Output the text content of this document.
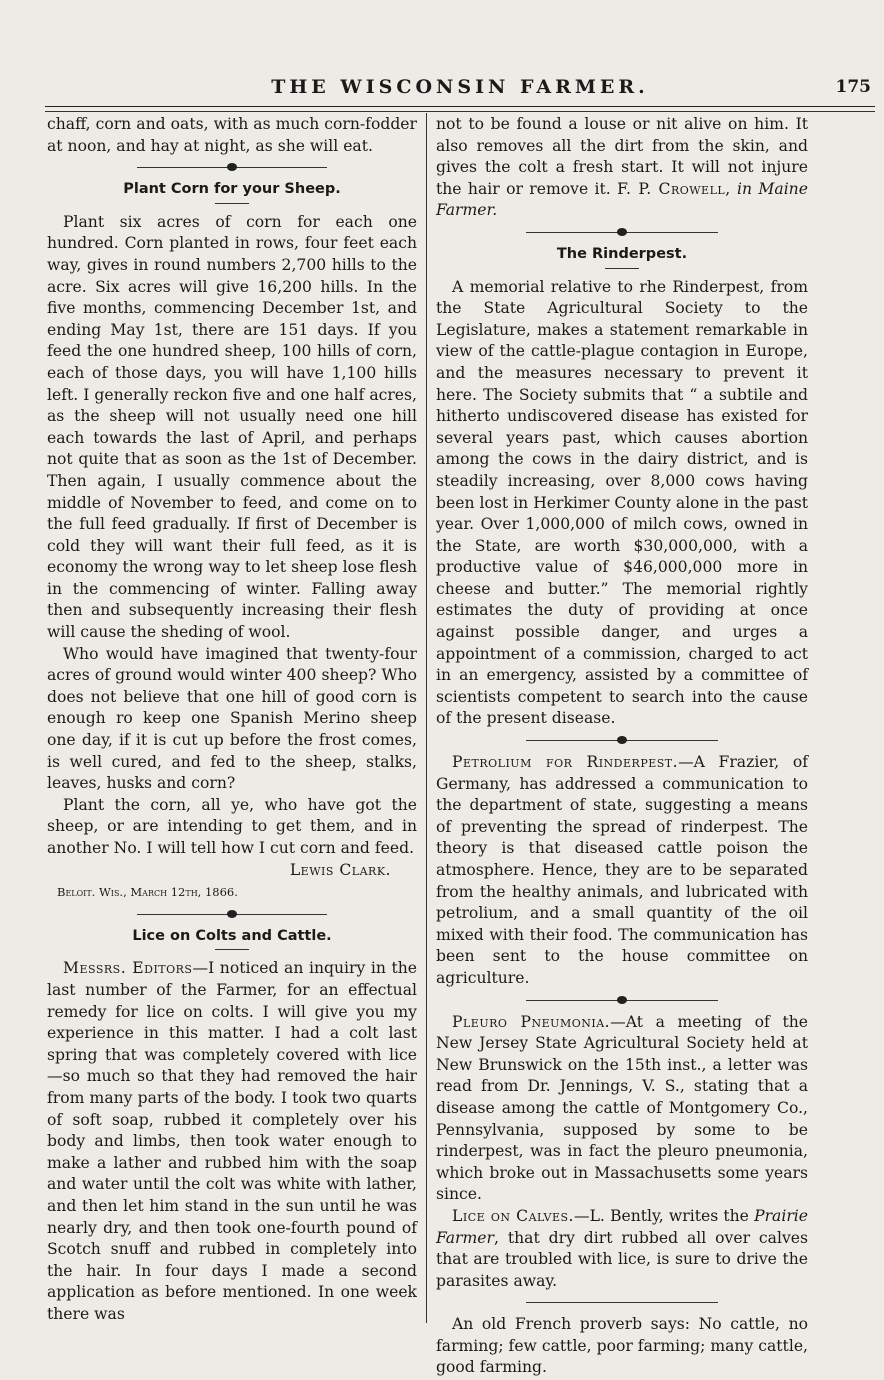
THE WISCONSIN FARMER.	175

chaff, corn and oats, with as much corn-fodder at noon, and hay at night, as she will eat.

Plant Corn for your Sheep.

Plant six acres of corn for each one hundred. Corn planted in rows, four feet each way, gives in round numbers 2,700 hills to the acre. Six acres will give 16,200 hills. In the five months, commencing December 1st, and ending May 1st, there are 151 days. If you feed the one hundred sheep, 100 hills of corn, each of those days, you will have 1,100 hills left. I generally reckon five and one half acres, as the sheep will not usually need one hill each towards the last of April, and perhaps not quite that as soon as the 1st of December. Then again, I usually commence about the middle of November to feed, and come on to the full feed gradually. If first of December is cold they will want their full feed, as it is economy the wrong way to let sheep lose flesh in the commencing of winter. Falling away then and subsequently increasing their flesh will cause the sheding of wool.

Who would have imagined that twenty-four acres of ground would winter 400 sheep? Who does not believe that one hill of good corn is enough ro keep one Spanish Merino sheep one day, if it is cut up before the frost comes, is well cured, and fed to the sheep, stalks, leaves, husks and corn?

Plant the corn, all ye, who have got the sheep, or are intending to get them, and in another No. I will tell how I cut corn and feed.

Lewis Clark.

Beloit. Wis., March 12th, 1866.

Lice on Colts and Cattle.

Messrs. Editors—I noticed an inquiry in the last number of the Farmer, for an effectual remedy for lice on colts. I will give you my experience in this matter. I had a colt last spring that was completely covered with lice —so much so that they had removed the hair from many parts of the body. I took two quarts of soft soap, rubbed it completely over his body and limbs, then took water enough to make a lather and rubbed him with the soap and water until the colt was white with lather, and then let him stand in the sun until he was nearly dry, and then took one-fourth pound of Scotch snuff and rubbed in completely into the hair. In four days I made a second application as before mentioned. In one week there was

not to be found a louse or nit alive on him. It also removes all the dirt from the skin, and gives the colt a fresh start. It will not injure the hair or remove it. F. P. Crowell, in Maine Farmer.

The Rinderpest.

A memorial relative to rhe Rinderpest, from the State Agricultural Society to the Legislature, makes a statement remarkable in view of the cattle-plague contagion in Europe, and the measures necessary to prevent it here. The Society submits that “ a subtile and hitherto undiscovered disease has existed for several years past, which causes abortion among the cows in the dairy district, and is steadily increasing, over 8,000 cows having been lost in Herkimer County alone in the past year. Over 1,000,000 of milch cows, owned in the State, are worth $30,000,000, with a productive value of $46,000,000 more in cheese and butter.” The memorial rightly estimates the duty of providing at once against possible danger, and urges a appointment of a commission, charged to act in an emergency, assisted by a committee of scientists competent to search into the cause of the present disease.

Petrolium for Rinderpest.—A Frazier, of Germany, has addressed a communication to the department of state, suggesting a means of preventing the spread of rinderpest. The theory is that diseased cattle poison the atmosphere. Hence, they are to be separated from the healthy animals, and lubricated with petrolium, and a small quantity of the oil mixed with their food. The communication has been sent to the house committee on agriculture.

Pleuro Pneumonia.—At a meeting of the New Jersey State Agricultural Society held at New Brunswick on the 15th inst., a letter was read from Dr. Jennings, V. S., stating that a disease among the cattle of Montgomery Co., Pennsylvania, supposed by some to be rinderpest, was in fact the pleuro pneumonia, which broke out in Massachusetts some years since.

Lice on Calves.—L. Bently, writes the Prairie Farmer, that dry dirt rubbed all over calves that are troubled with lice, is sure to drive the parasites away.

An old French proverb says: No cattle, no farming; few cattle, poor farming; many cattle, good farming.
